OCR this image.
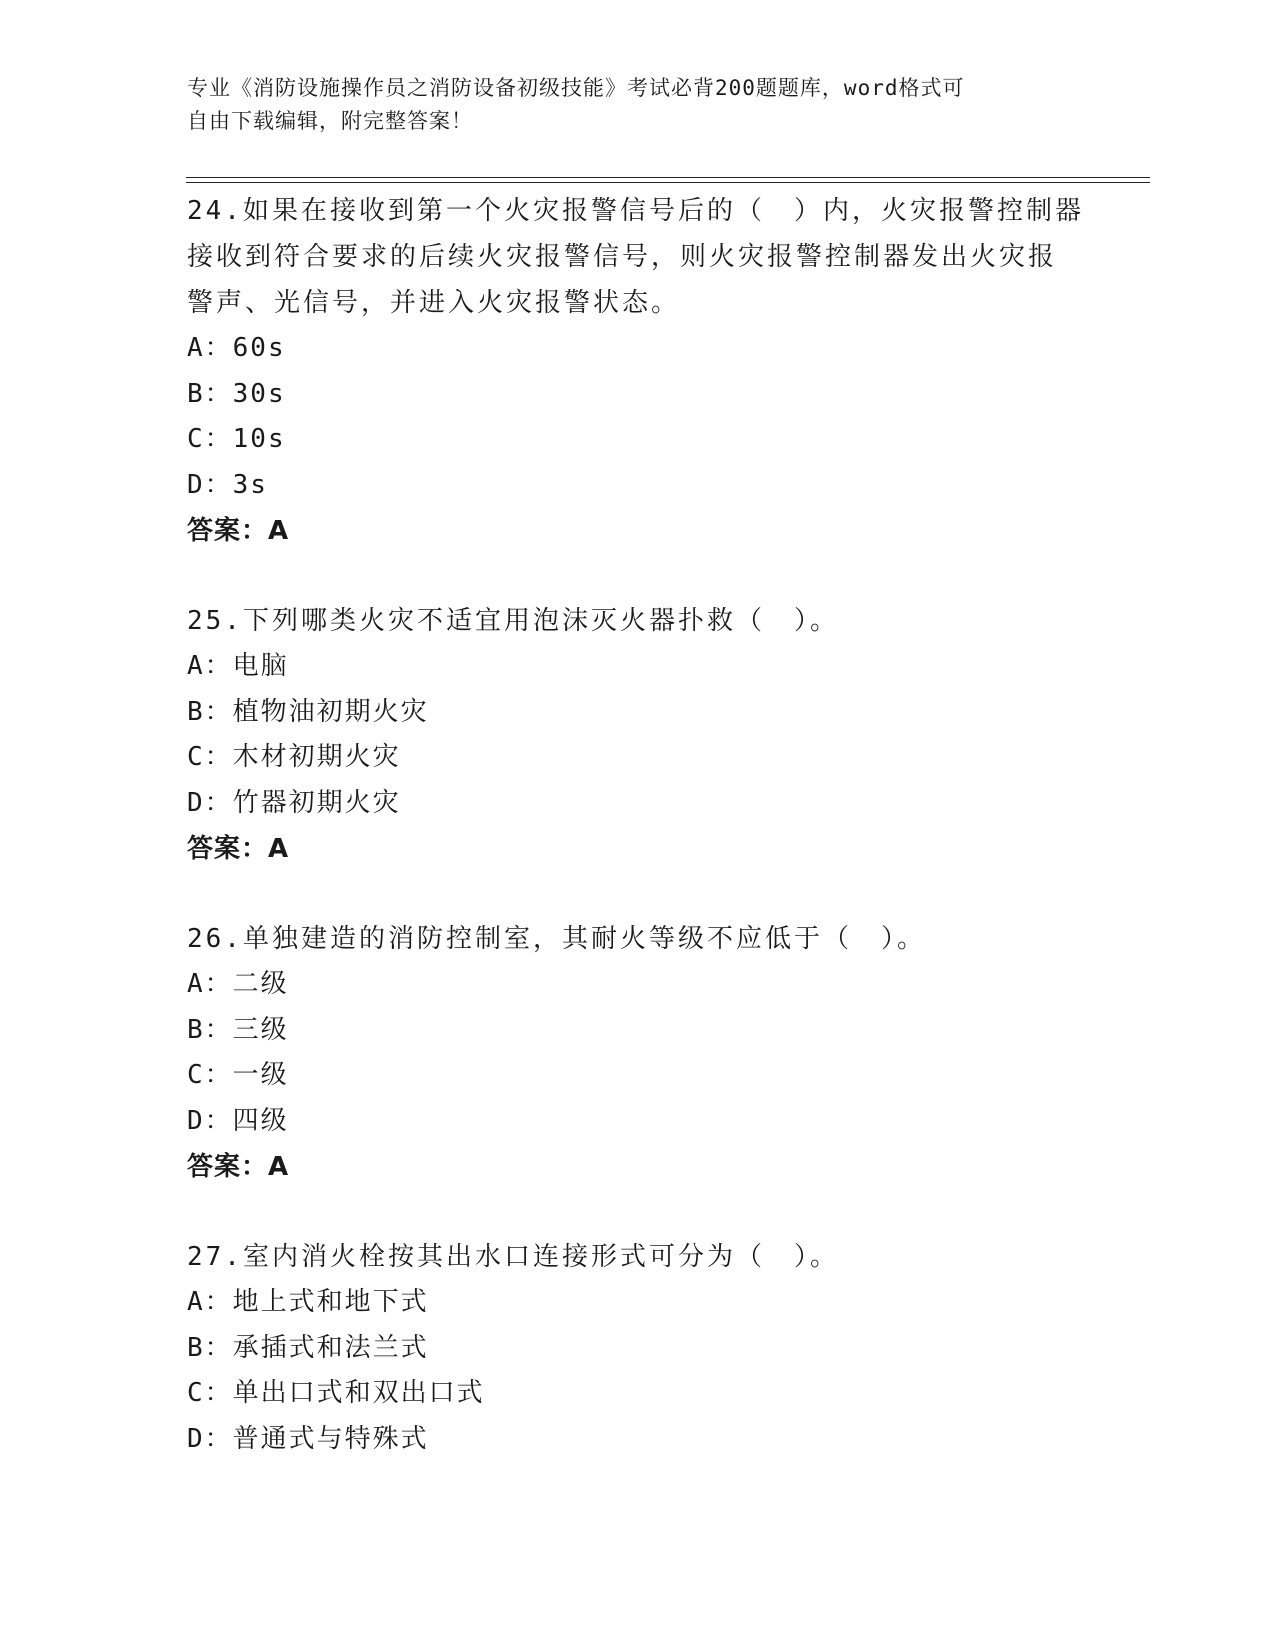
专业《消防设施操作员之消防设备初级技能》考试必背200题题库，word格式可
自由下载编辑，附完整答案！

24.如果在接收到第一个火灾报警信号后的（　）内，火灾报警控制器

接收到符合要求的后续火灾报警信号，则火灾报警控制器发出火灾报

警声、光信号，并进入火灾报警状态。

A：60s

B：30s

C：10s

D：3s

答案：A

25.下列哪类火灾不适宜用泡沫灭火器扑救（　）。

A：电脑

B：植物油初期火灾

C：木材初期火灾

D：竹器初期火灾

答案：A

26.单独建造的消防控制室，其耐火等级不应低于（　）。

A：二级

B：三级

C：一级

D：四级

答案：A

27.室内消火栓按其出水口连接形式可分为（　）。

A：地上式和地下式

B：承插式和法兰式

C：单出口式和双出口式

D：普通式与特殊式
